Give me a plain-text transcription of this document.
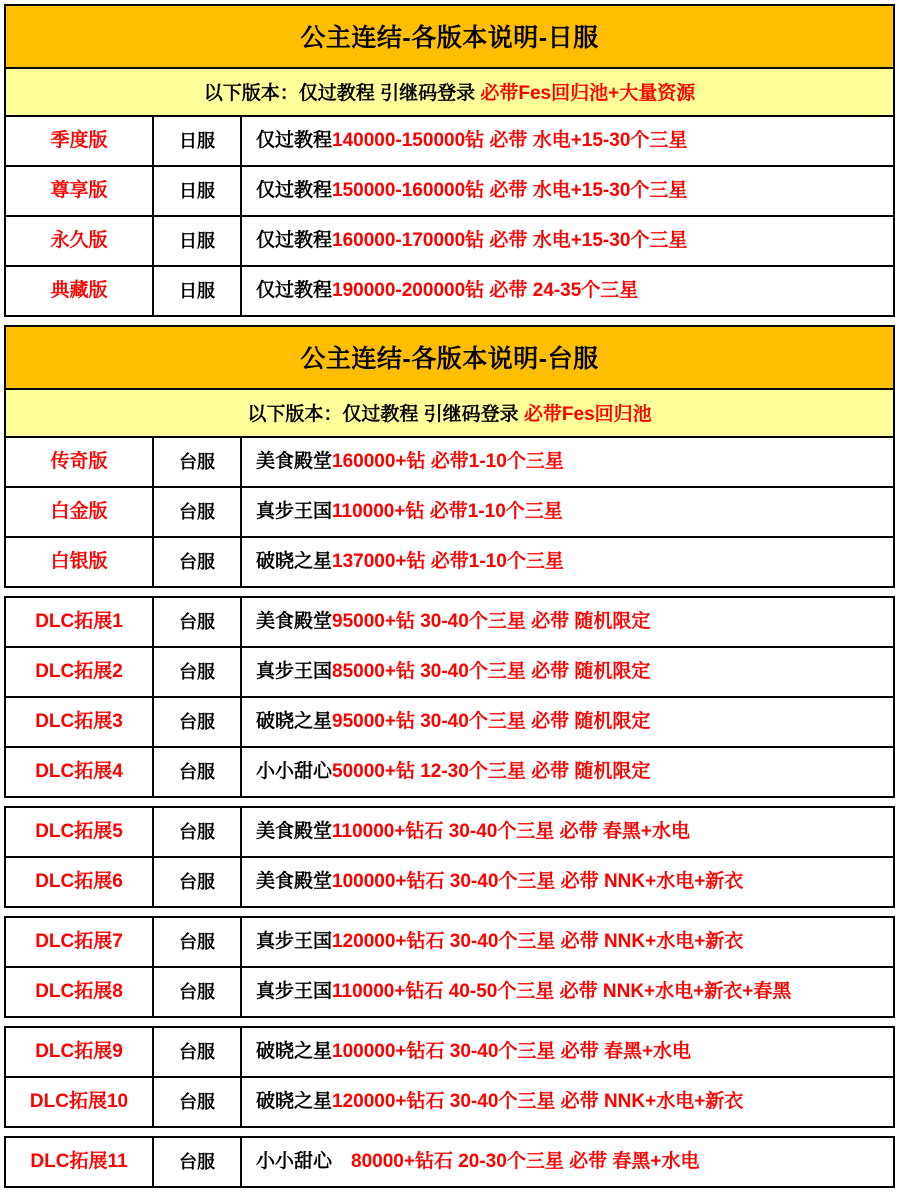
公主连结-各版本说明-日服
以下版本：仅过教程 引继码登录 必带Fes回归池+大量资源
季度版	日服	仅过教程 140000-150000钻 必带 水电+15-30个三星
尊享版	日服	仅过教程 150000-160000钻 必带 水电+15-30个三星
永久版	日服	仅过教程 160000-170000钻 必带 水电+15-30个三星
典藏版	日服	仅过教程 190000-200000钻 必带 24-35个三星
公主连结-各版本说明-台服
以下版本：仅过教程 引继码登录 必带Fes回归池
传奇版	台服	美食殿堂 160000+钻 必带1-10个三星
白金版	台服	真步王国 110000+钻 必带1-10个三星
白银版	台服	破晓之星 137000+钻 必带1-10个三星
DLC拓展1	台服	美食殿堂 95000+钻 30-40个三星 必带 随机限定
DLC拓展2	台服	真步王国 85000+钻 30-40个三星 必带 随机限定
DLC拓展3	台服	破晓之星 95000+钻 30-40个三星 必带 随机限定
DLC拓展4	台服	小小甜心 50000+钻 12-30个三星 必带 随机限定
DLC拓展5	台服	美食殿堂 110000+钻石 30-40个三星 必带 春黑+水电
DLC拓展6	台服	美食殿堂 100000+钻石 30-40个三星 必带 NNK+水电+新衣
DLC拓展7	台服	真步王国 120000+钻石 30-40个三星 必带 NNK+水电+新衣
DLC拓展8	台服	真步王国 110000+钻石 40-50个三星 必带 NNK+水电+新衣+春黑
DLC拓展9	台服	破晓之星 100000+钻石 30-40个三星 必带 春黑+水电
DLC拓展10	台服	破晓之星 120000+钻石 30-40个三星 必带 NNK+水电+新衣
DLC拓展11	台服	小小甜心　 80000+钻石 20-30个三星 必带 春黑+水电
